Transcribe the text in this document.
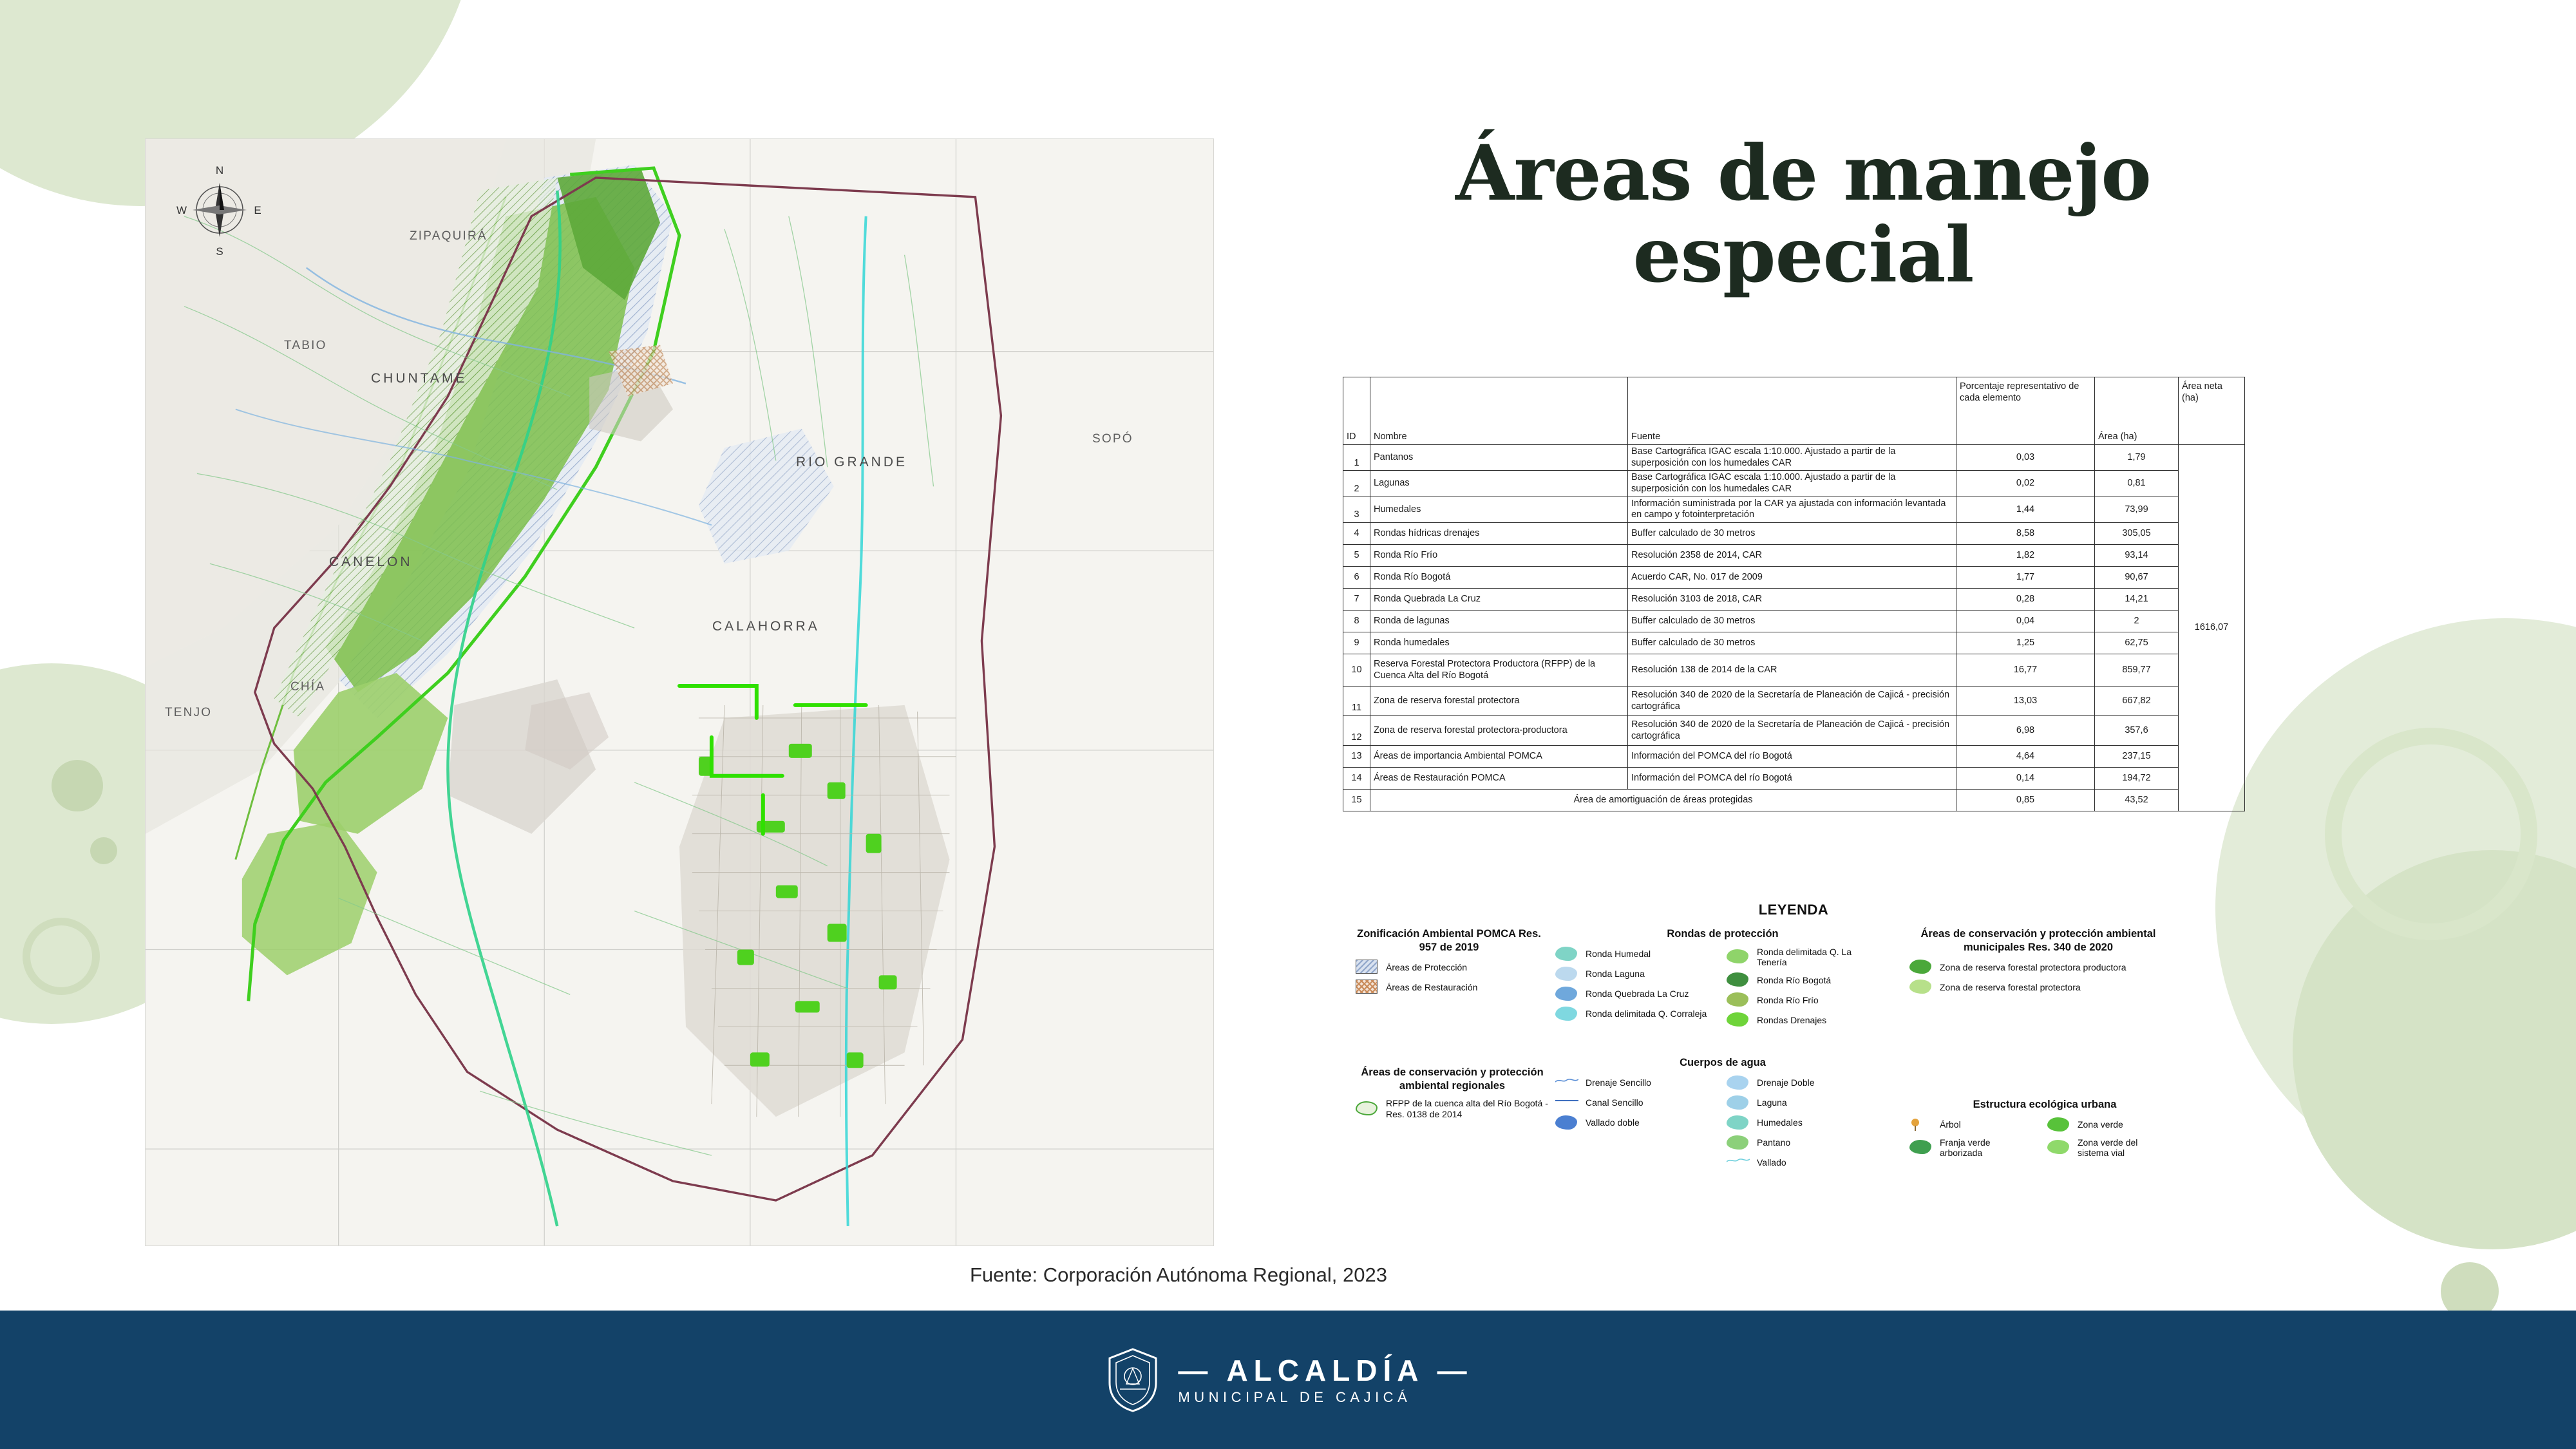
Áreas de manejo especial
N
S
E
W
ZIPAQUIRÁ
TABIO
CHUNTAME
SOPÓ
RIO GRANDE
CANELON
CALAHORRA
CHÍA
TENJO
ID	Nombre	Fuente	Porcentaje representativo de cada elemento	Área (ha)	Área neta (ha)
1	Pantanos	Base Cartográfica IGAC escala 1:10.000. Ajustado a partir de la superposición con los humedales CAR	0,03	1,79	1616,07
2	Lagunas	Base Cartográfica IGAC escala 1:10.000. Ajustado a partir de la superposición con los humedales CAR	0,02	0,81	
3	Humedales	Información suministrada por la CAR ya ajustada con información levantada en campo y fotointerpretación	1,44	73,99	
4	Rondas hídricas drenajes	Buffer calculado de 30 metros	8,58	305,05	
5	Ronda Río Frío	Resolución 2358 de 2014, CAR	1,82	93,14	
6	Ronda Río Bogotá	Acuerdo CAR, No. 017 de 2009	1,77	90,67	
7	Ronda Quebrada La Cruz	Resolución 3103 de 2018, CAR	0,28	14,21	
8	Ronda de lagunas	Buffer calculado de 30 metros	0,04	2	
9	Ronda humedales	Buffer calculado de 30 metros	1,25	62,75	
10	Reserva Forestal Protectora Productora (RFPP) de la Cuenca Alta del Río Bogotá	Resolución 138 de 2014 de la CAR	16,77	859,77	
11	Zona de reserva forestal protectora	Resolución 340 de 2020 de la Secretaría de Planeación de Cajicá - precisión cartográfica	13,03	667,82	
12	Zona de reserva forestal protectora-productora	Resolución 340 de 2020 de la Secretaría de Planeación de Cajicá - precisión cartográfica	6,98	357,6	
13	Áreas de importancia Ambiental POMCA	Información del POMCA del río Bogotá	4,64	237,15	
14	Áreas de Restauración POMCA	Información del POMCA del río Bogotá	0,14	194,72	
15	Área de amortiguación de áreas protegidas		0,85	43,52	
LEYENDA
Zonificación Ambiental POMCA Res. 957 de 2019
Áreas de Protección
Áreas de Restauración
Rondas de protección
Ronda Humedal
Ronda Laguna
Ronda Quebrada La Cruz
Ronda delimitada Q. Corraleja
Ronda delimitada Q. La Tenería
Ronda Río Bogotá
Ronda Río Frío
Rondas Drenajes
Áreas de conservación y protección ambiental municipales Res. 340 de 2020
Zona de reserva forestal protectora productora
Zona de reserva forestal protectora
Áreas de conservación y protección ambiental regionales
RFPP de la cuenca alta del Río Bogotá - Res. 0138 de 2014
Cuerpos de agua
Drenaje Sencillo
Canal Sencillo
Vallado doble
Drenaje Doble
Laguna
Humedales
Pantano
Vallado
Estructura ecológica urbana
Árbol
Franja verde arborizada
Zona verde
Zona verde del sistema vial
Fuente: Corporación Autónoma Regional, 2023
— ALCALDÍA —
MUNICIPAL DE CAJICÁ
